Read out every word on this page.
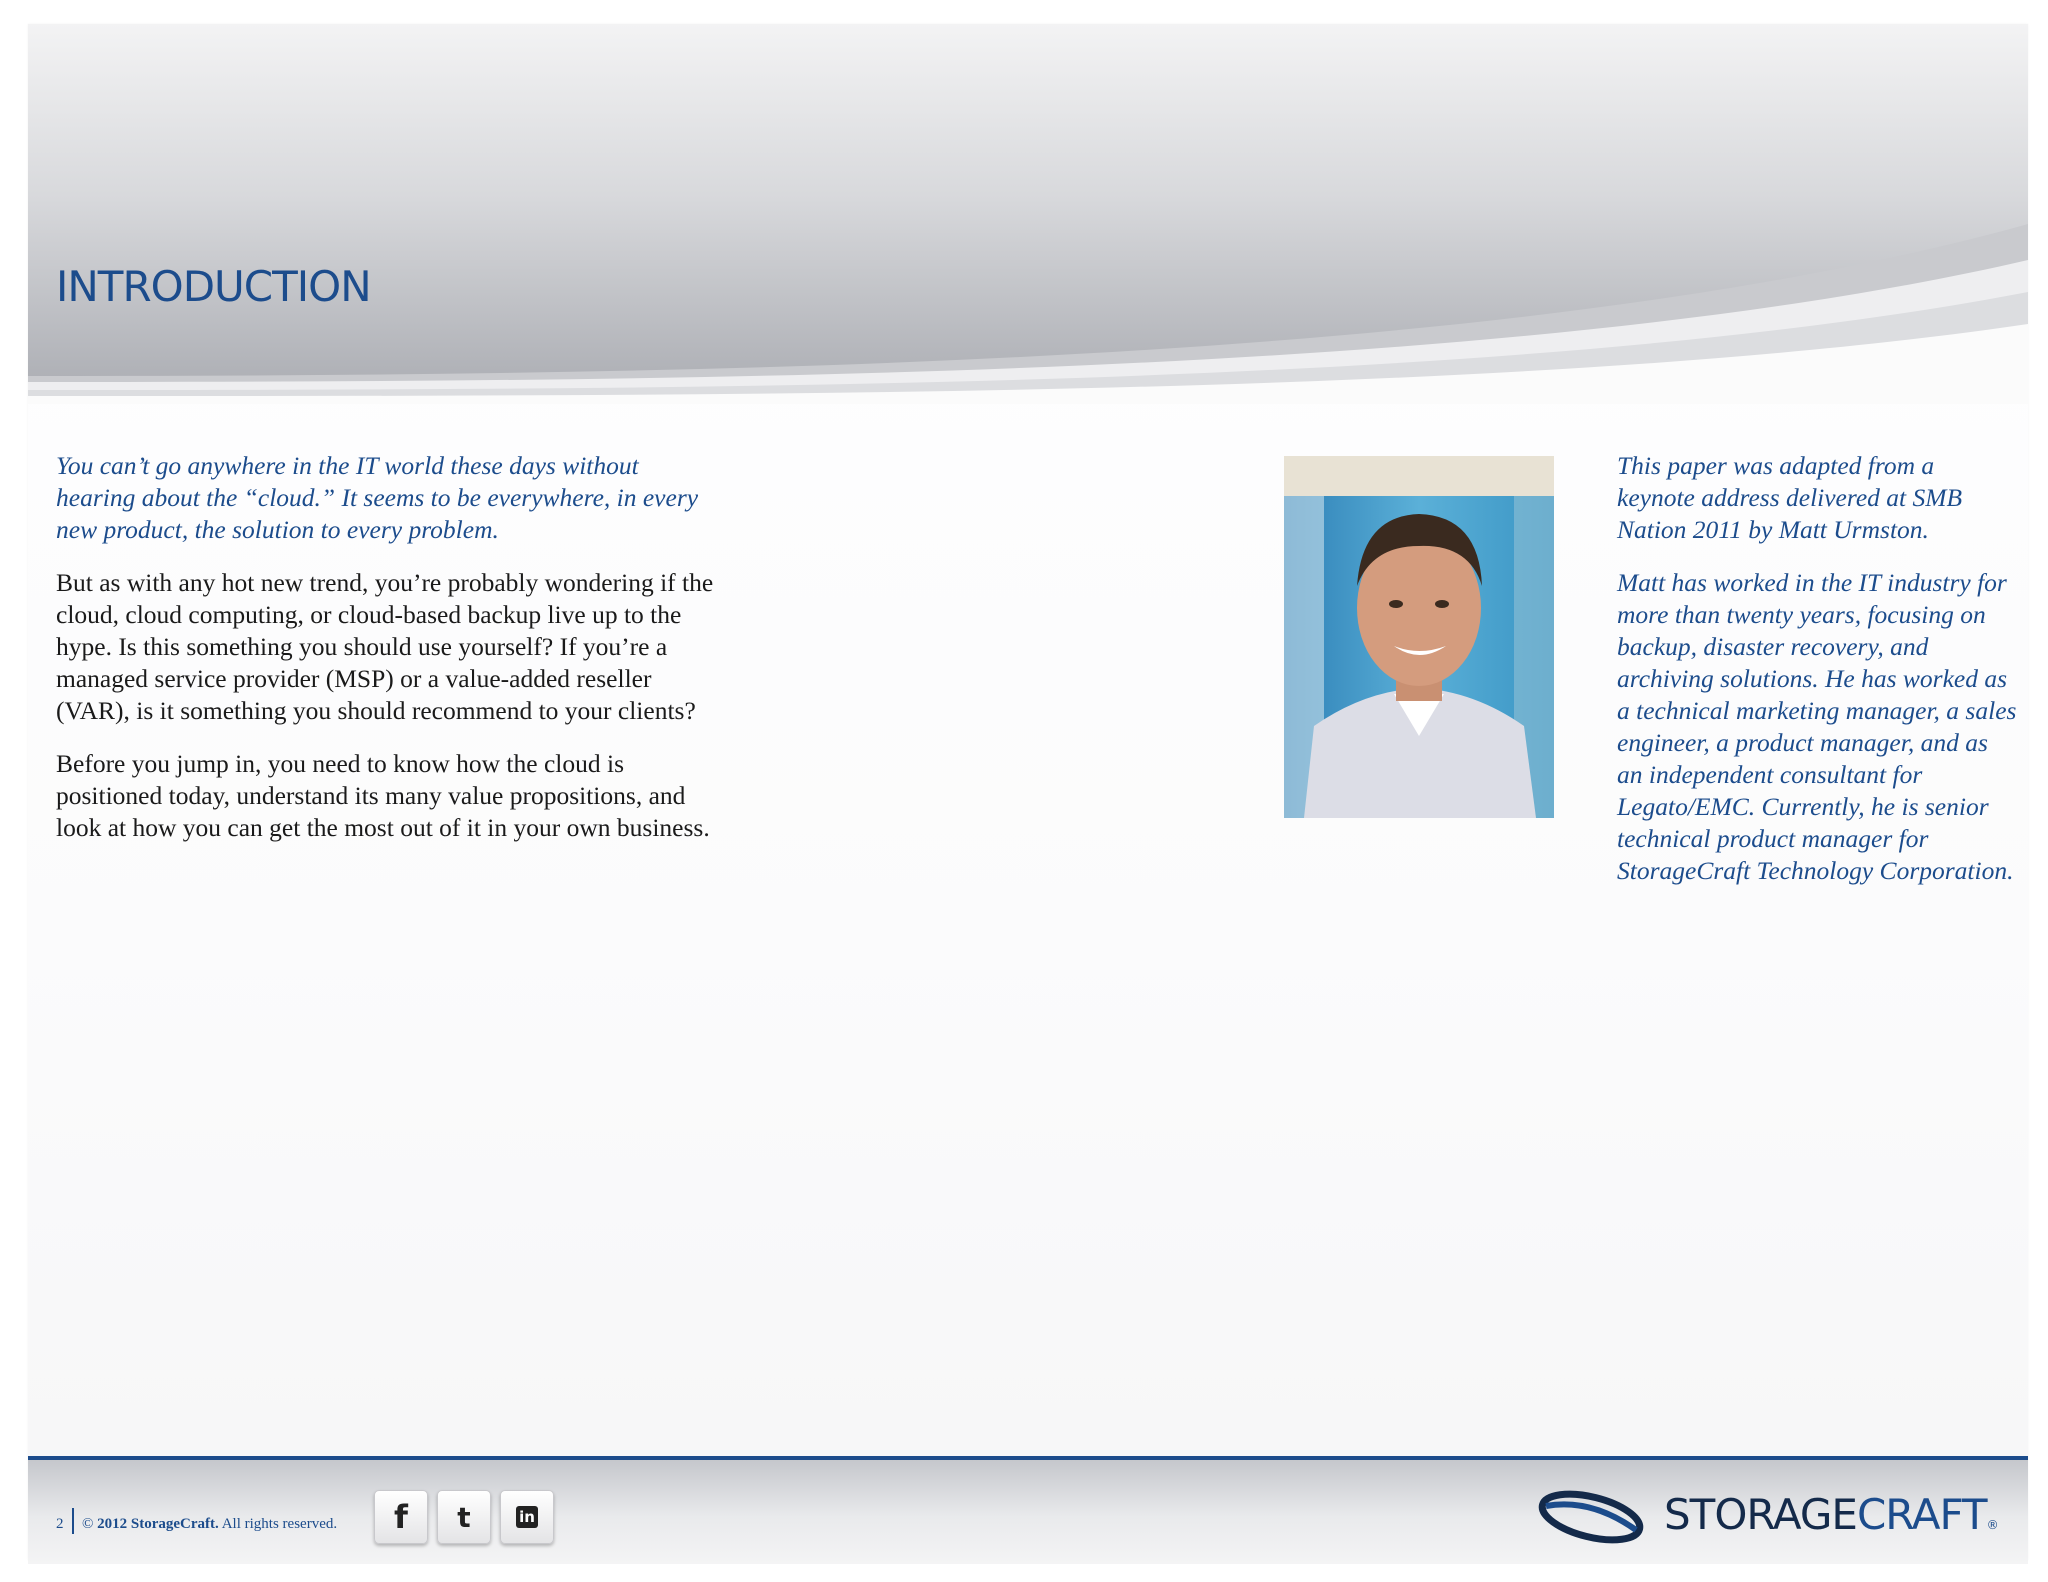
INTRODUCTION

You can’t go anywhere in the IT world these days without hearing about the “cloud.” It seems to be everywhere, in every new product, the solution to every problem.

But as with any hot new trend, you’re probably wondering if the cloud, cloud computing, or cloud-based backup live up to the hype. Is this something you should use yourself? If you’re a managed service provider (MSP) or a value-added reseller (VAR), is it something you should recommend to your clients?

Before you jump in, you need to know how the cloud is positioned today, understand its many value propositions, and look at how you can get the most out of it in your own business.

This paper was adapted from a keynote address delivered at SMB Nation 2011 by Matt Urmston.

Matt has worked in the IT industry for more than twenty years, focusing on backup, disaster recovery, and archiving solutions. He has worked as a technical marketing manager, a sales engineer, a product manager, and as an independent consultant for Legato/EMC. Currently, he is senior technical product manager for StorageCraft Technology Corporation.

2 © 2012 StorageCraft. All rights reserved. f t	in	STORAGECRAFT®
